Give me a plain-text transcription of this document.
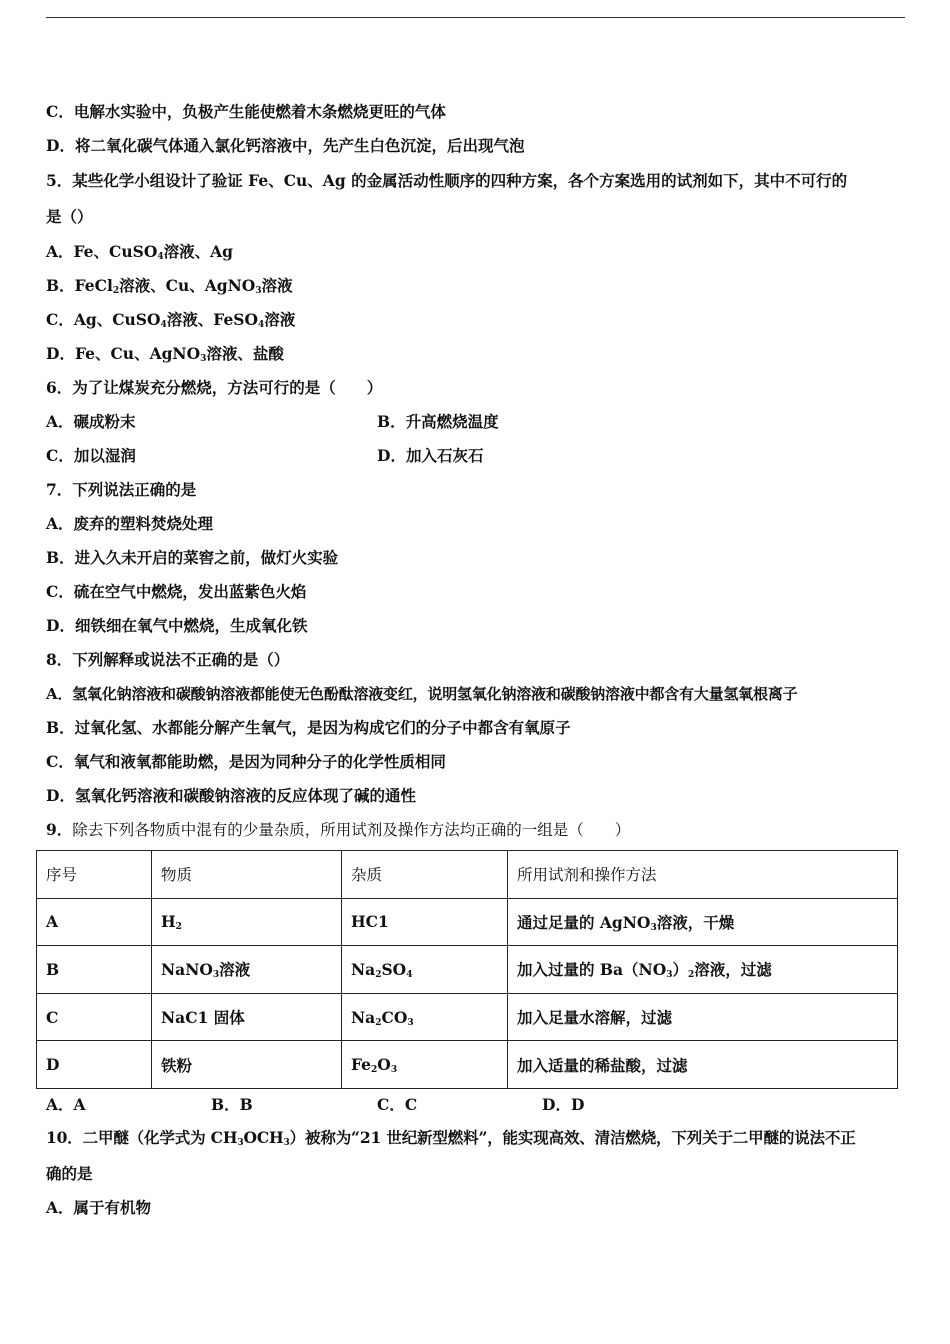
C．电解水实验中，负极产生能使燃着木条燃烧更旺的气体
D．将二氧化碳气体通入氯化钙溶液中，先产生白色沉淀，后出现气泡
5．某些化学小组设计了验证 Fe、Cu、Ag 的金属活动性顺序的四种方案，各个方案选用的试剂如下，其中不可行的
是（）
A．Fe、CuSO$_4$溶液、Ag
B．FeCl$_2$溶液、Cu、AgNO$_3$溶液
C．Ag、CuSO$_4$溶液、FeSO$_4$溶液
D．Fe、Cu、AgNO$_3$溶液、盐酸
6．为了让煤炭充分燃烧，方法可行的是（　　）
A．碾成粉末	B．升高燃烧温度
C．加以湿润	D．加入石灰石
7．下列说法正确的是
A．废弃的塑料焚烧处理
B．进入久未开启的菜窖之前，做灯火实验
C．硫在空气中燃烧，发出蓝紫色火焰
D．细铁细在氧气中燃烧，生成氧化铁
8．下列解释或说法不正确的是（）
A．氢氧化钠溶液和碳酸钠溶液都能使无色酚酞溶液变红，说明氢氧化钠溶液和碳酸钠溶液中都含有大量氢氧根离子
B．过氧化氢、水都能分解产生氧气，是因为构成它们的分子中都含有氧原子
C．氧气和液氧都能助燃，是因为同种分子的化学性质相同
D．氢氧化钙溶液和碳酸钠溶液的反应体现了碱的通性
9．除去下列各物质中混有的少量杂质，所用试剂及操作方法均正确的一组是（　　）
序号	物质	杂质	所用试剂和操作方法
A	$H_2$	HC1	通过足量的 AgNO$_3$溶液，干燥
B	NaNO$_3$溶液	$Na_2SO_4$	加入过量的 $Ba(NO_3)_2$溶液，过滤
C	NaC1 固体	$Na_2CO_3$	加入足量水溶解，过滤
D	铁粉	$Fe_2O_3$	加入适量的稀盐酸，过滤
A．A	B．B	C．C	D．D
10．二甲醚（化学式为 $CH_3OCH_3$）被称为“21 世纪新型燃料”，能实现高效、清洁燃烧，下列关于二甲醚的说法不正
确的是
A．属于有机物
